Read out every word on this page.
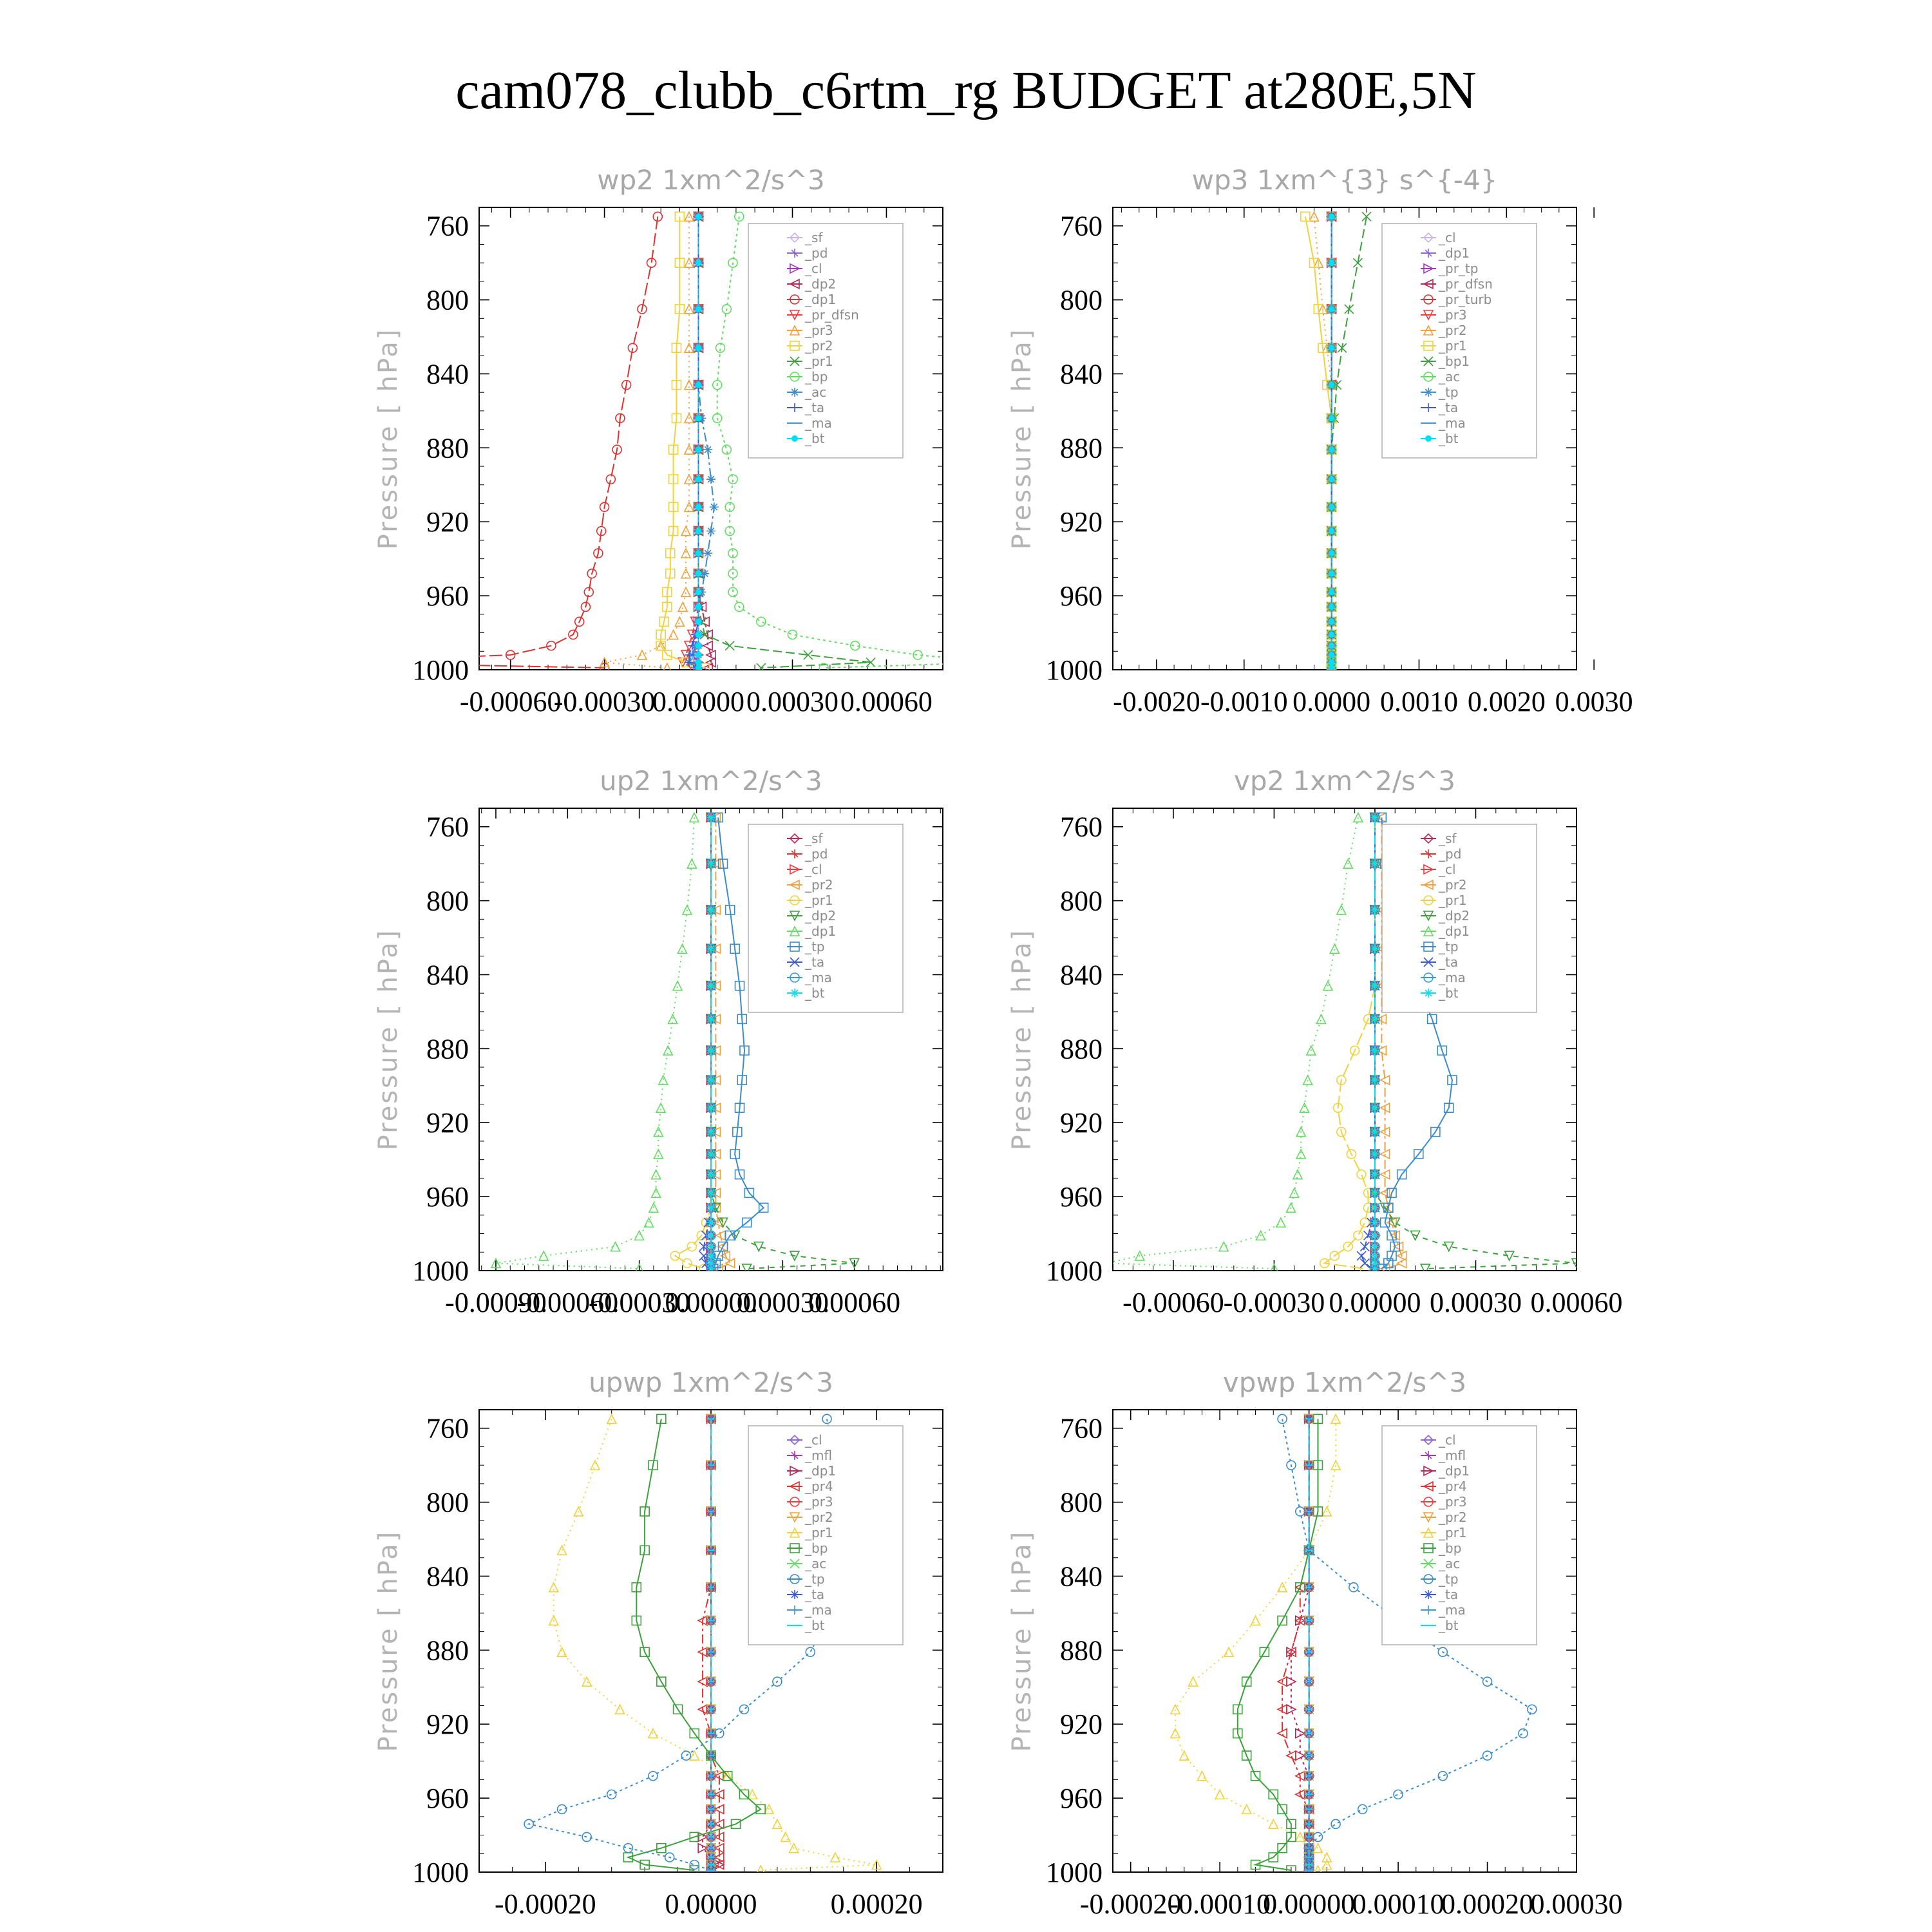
cam078_clubb_c6rtm_rg BUDGET at280E,5N
wp2 1xm^2/s^3
Pressure [ hPa]
760
800
840
880
920
960
1000
-0.00060
-0.00030
0.00000 0.00030 0.00060
_sf
_pd
_cl
_dp2
_dp1
_pr_dfsn
_pr3
_pr2
_pr1
_bp
_ac
_ta
_ma
_bt
wp3 1xm^{3} s^{-4}
Pressure [ hPa]
760
800
840
880
920
960
1000
-0.0020 -0.0010 0.0000 0.0010 0.0020 0.0030
_cl
_dp1
_pr_tp
_pr_dfsn
_pr_turb
_pr3
_pr2
_pr1
_bp1
_ac
_tp
_ta
_ma
_bt
up2 1xm^2/s^3
Pressure [ hPa]
760
800
840
880
920
960
1000
-0.00090
-0.00060
-0.00030
0.00000
0.00030
0.00060
_sf
_pd
_cl
_pr2
_pr1
_dp2
_dp1
_tp
_ta
_ma
_bt
vp2 1xm^2/s^3
Pressure [ hPa]
760
800
840
880
920
960
1000
-0.00060
-0.00030 0.00000 0.00030 0.00060
_sf
_pd
_cl
_pr2
_pr1
_dp2
_dp1
_tp
_ta
_ma
_bt
upwp 1xm^2/s^3
Pressure [ hPa]
760
800
840
880
920
960
1000
-0.00020 0.00000	0.00020
_cl
_mfl
_dp1
_pr4
_pr3
_pr2
_pr1
_bp
_ac
_tp
_ta
_ma
_bt
vpwp 1xm^2/s^3
Pressure [ hPa]
760
800
840
880
920
960
1000
-0.00020
-0.00010
0.00000
0.00010
0.00020
0.00030
_cl
_mfl
_dp1
_pr4
_pr3
_pr2
_pr1
_bp
_ac
_tp
_ta
_ma
_bt
